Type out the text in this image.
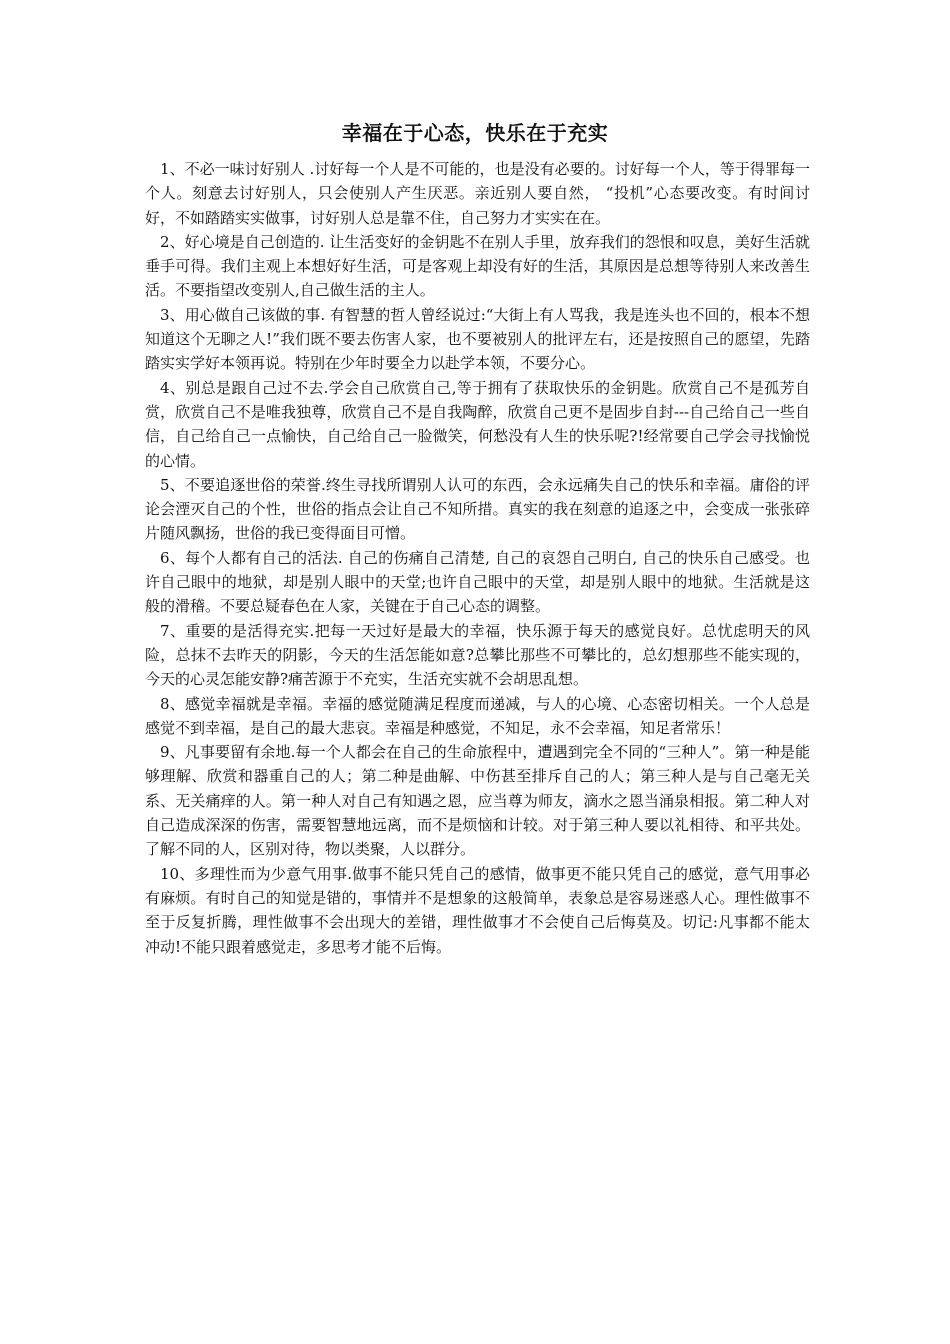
幸福在于心态，快乐在于充实

1、不必一味讨好别人 .讨好每一个人是不可能的，也是没有必要的。讨好每一个人，等于得罪每一个人。刻意去讨好别人，只会使别人产生厌恶。亲近别人要自然， “投机”心态要改变。有时间讨好，不如踏踏实实做事，讨好别人总是靠不住，自己努力才实实在在。

2、好心境是自己创造的. 让生活变好的金钥匙不在别人手里，放弃我们的怨恨和叹息，美好生活就垂手可得。我们主观上本想好好生活，可是客观上却没有好的生活，其原因是总想等待别人来改善生活。不要指望改变别人,自己做生活的主人。

3、用心做自己该做的事. 有智慧的哲人曾经说过:“大街上有人骂我，我是连头也不回的，根本不想知道这个无聊之人!”我们既不要去伤害人家，也不要被别人的批评左右，还是按照自己的愿望，先踏踏实实学好本领再说。特别在少年时要全力以赴学本领，不要分心。

4、别总是跟自己过不去.学会自己欣赏自己,等于拥有了获取快乐的金钥匙。欣赏自己不是孤芳自赏，欣赏自己不是唯我独尊，欣赏自己不是自我陶醉，欣赏自己更不是固步自封---自己给自己一些自信，自己给自己一点愉快，自己给自己一脸微笑，何愁没有人生的快乐呢?!经常要自己学会寻找愉悦的心情。

5、不要追逐世俗的荣誉.终生寻找所谓别人认可的东西，会永远痛失自己的快乐和幸福。庸俗的评论会湮灭自己的个性，世俗的指点会让自己不知所措。真实的我在刻意的追逐之中，会变成一张张碎片随风飘扬，世俗的我已变得面目可憎。

6、每个人都有自己的活法. 自己的伤痛自己清楚, 自己的哀怨自己明白, 自己的快乐自己感受。也许自己眼中的地狱，却是别人眼中的天堂;也许自己眼中的天堂，却是别人眼中的地狱。生活就是这般的滑稽。不要总疑春色在人家，关键在于自己心态的调整。

7、重要的是活得充实.把每一天过好是最大的幸福，快乐源于每天的感觉良好。总忧虑明天的风险，总抹不去昨天的阴影，今天的生活怎能如意?总攀比那些不可攀比的，总幻想那些不能实现的，今天的心灵怎能安静?痛苦源于不充实，生活充实就不会胡思乱想。

8、感觉幸福就是幸福。幸福的感觉随满足程度而递减，与人的心境、心态密切相关。一个人总是感觉不到幸福，是自己的最大悲哀。幸福是种感觉，不知足，永不会幸福，知足者常乐！

9、凡事要留有余地.每一个人都会在自己的生命旅程中，遭遇到完全不同的“三种人”。第一种是能够理解、欣赏和器重自己的人；第二种是曲解、中伤甚至排斥自己的人；第三种人是与自己毫无关系、无关痛痒的人。第一种人对自己有知遇之恩，应当尊为师友，滴水之恩当涌泉相报。第二种人对自己造成深深的伤害，需要智慧地远离，而不是烦恼和计较。对于第三种人要以礼相待、和平共处。了解不同的人，区别对待，物以类聚，人以群分。

10、多理性而为少意气用事.做事不能只凭自己的感情，做事更不能只凭自己的感觉，意气用事必有麻烦。有时自己的知觉是错的，事情并不是想象的这般简单，表象总是容易迷惑人心。理性做事不至于反复折腾，理性做事不会出现大的差错，理性做事才不会使自己后悔莫及。切记:凡事都不能太冲动!不能只跟着感觉走，多思考才能不后悔。
